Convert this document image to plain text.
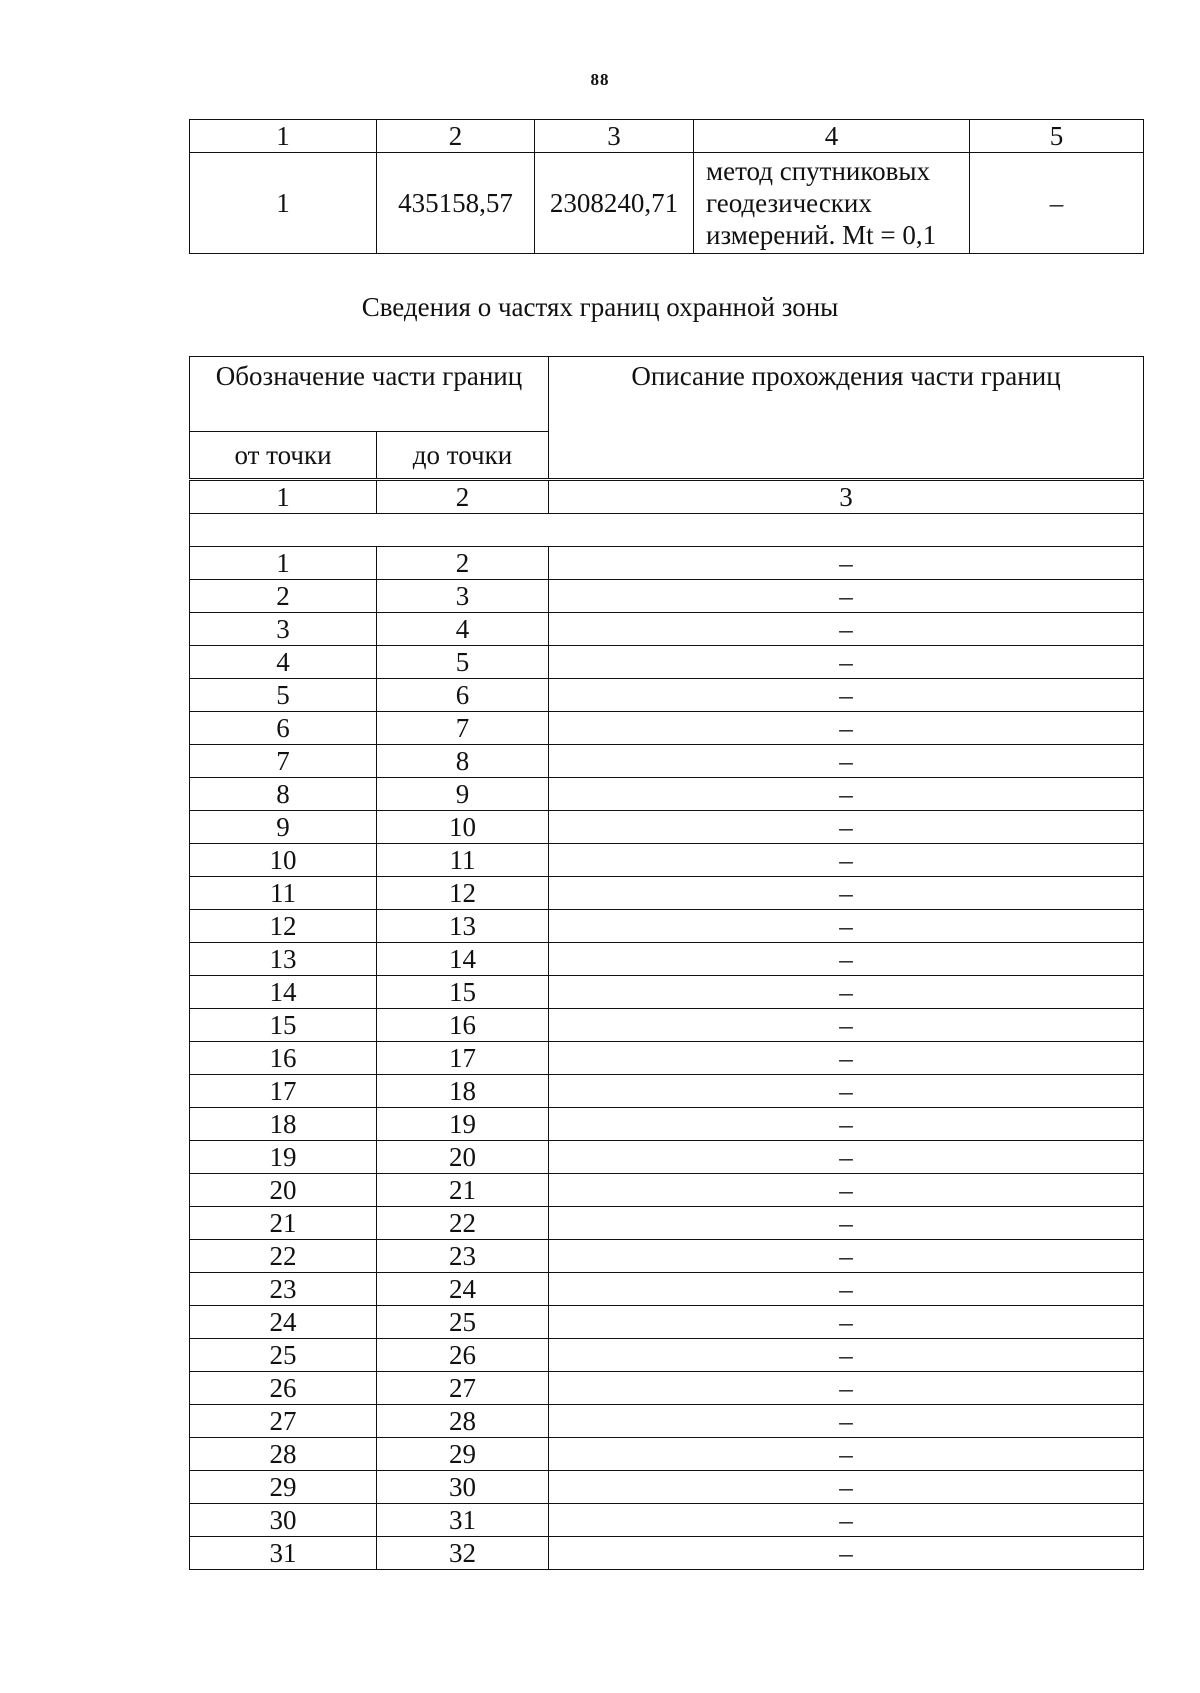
88
1	2	3	4	5
1	435158,57	2308240,71	метод спутниковых
геодезических
измерений. Mt = 0,1	–
Сведения о частях границ охранной зоны
Обозначение части границ		Описание прохождения части границ
от точки	до точки	
1	2	3

1	2	–
2	3	–
3	4	–
4	5	–
5	6	–
6	7	–
7	8	–
8	9	–
9	10	–
10	11	–
11	12	–
12	13	–
13	14	–
14	15	–
15	16	–
16	17	–
17	18	–
18	19	–
19	20	–
20	21	–
21	22	–
22	23	–
23	24	–
24	25	–
25	26	–
26	27	–
27	28	–
28	29	–
29	30	–
30	31	–
31	32	–
